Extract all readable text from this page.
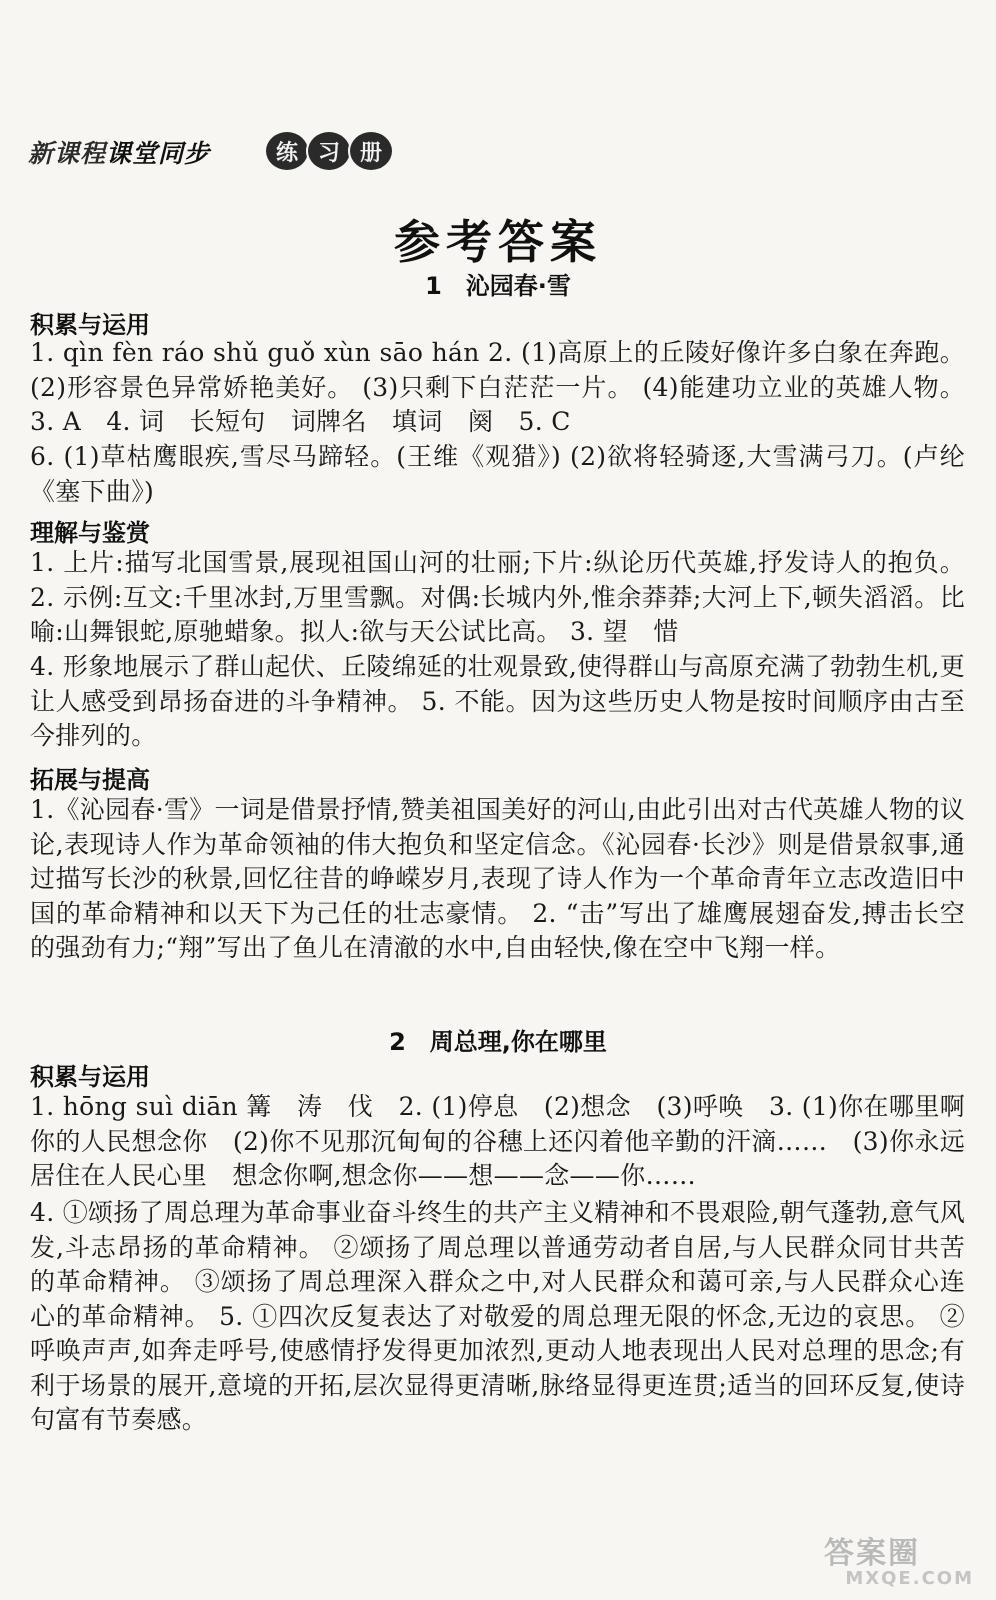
新课程课堂同步	练 习 册
参考答案
1　沁园春·雪
积累与运用
1. qìn fèn ráo shǔ guǒ xùn sāo hán 2. (1)高原上的丘陵好像许多白象在奔跑。 (2)形容景色异常娇艳美好。 (3)只剩下白茫茫一片。 (4)能建功立业的英雄人物。 3. A　4. 词　长短句　词牌名　填词　阕　5. C
6. (1)草枯鹰眼疾,雪尽马蹄轻。(王维《观猎》) (2)欲将轻骑逐,大雪满弓刀。(卢纶《塞下曲》)
理解与鉴赏
1. 上片:描写北国雪景,展现祖国山河的壮丽;下片:纵论历代英雄,抒发诗人的抱负。 2. 示例:互文:千里冰封,万里雪飘。对偶:长城内外,惟余莽莽;大河上下,顿失滔滔。比喻:山舞银蛇,原驰蜡象。拟人:欲与天公试比高。 3. 望　惜
4. 形象地展示了群山起伏、丘陵绵延的壮观景致,使得群山与高原充满了勃勃生机,更让人感受到昂扬奋进的斗争精神。 5. 不能。因为这些历史人物是按时间顺序由古至今排列的。
拓展与提高
1.《沁园春·雪》一词是借景抒情,赞美祖国美好的河山,由此引出对古代英雄人物的议论,表现诗人作为革命领袖的伟大抱负和坚定信念。《沁园春·长沙》则是借景叙事,通过描写长沙的秋景,回忆往昔的峥嵘岁月,表现了诗人作为一个革命青年立志改造旧中国的革命精神和以天下为己任的壮志豪情。 2. “击”写出了雄鹰展翅奋发,搏击长空的强劲有力;“翔”写出了鱼儿在清澈的水中,自由轻快,像在空中飞翔一样。
2　周总理,你在哪里
积累与运用
1. hōng suì diān 篝　涛　伐　2. (1)停息　(2)想念　(3)呼唤　3. (1)你在哪里啊　你的人民想念你　(2)你不见那沉甸甸的谷穗上还闪着他辛勤的汗滴……　(3)你永远居住在人民心里　想念你啊,想念你——想——念——你……
4. ①颂扬了周总理为革命事业奋斗终生的共产主义精神和不畏艰险,朝气蓬勃,意气风发,斗志昂扬的革命精神。 ②颂扬了周总理以普通劳动者自居,与人民群众同甘共苦的革命精神。 ③颂扬了周总理深入群众之中,对人民群众和蔼可亲,与人民群众心连心的革命精神。 5. ①四次反复表达了对敬爱的周总理无限的怀念,无边的哀思。 ②呼唤声声,如奔走呼号,使感情抒发得更加浓烈,更动人地表现出人民对总理的思念;有利于场景的展开,意境的开拓,层次显得更清晰,脉络显得更连贯;适当的回环反复,使诗句富有节奏感。
答案圈
MXQE.COM
